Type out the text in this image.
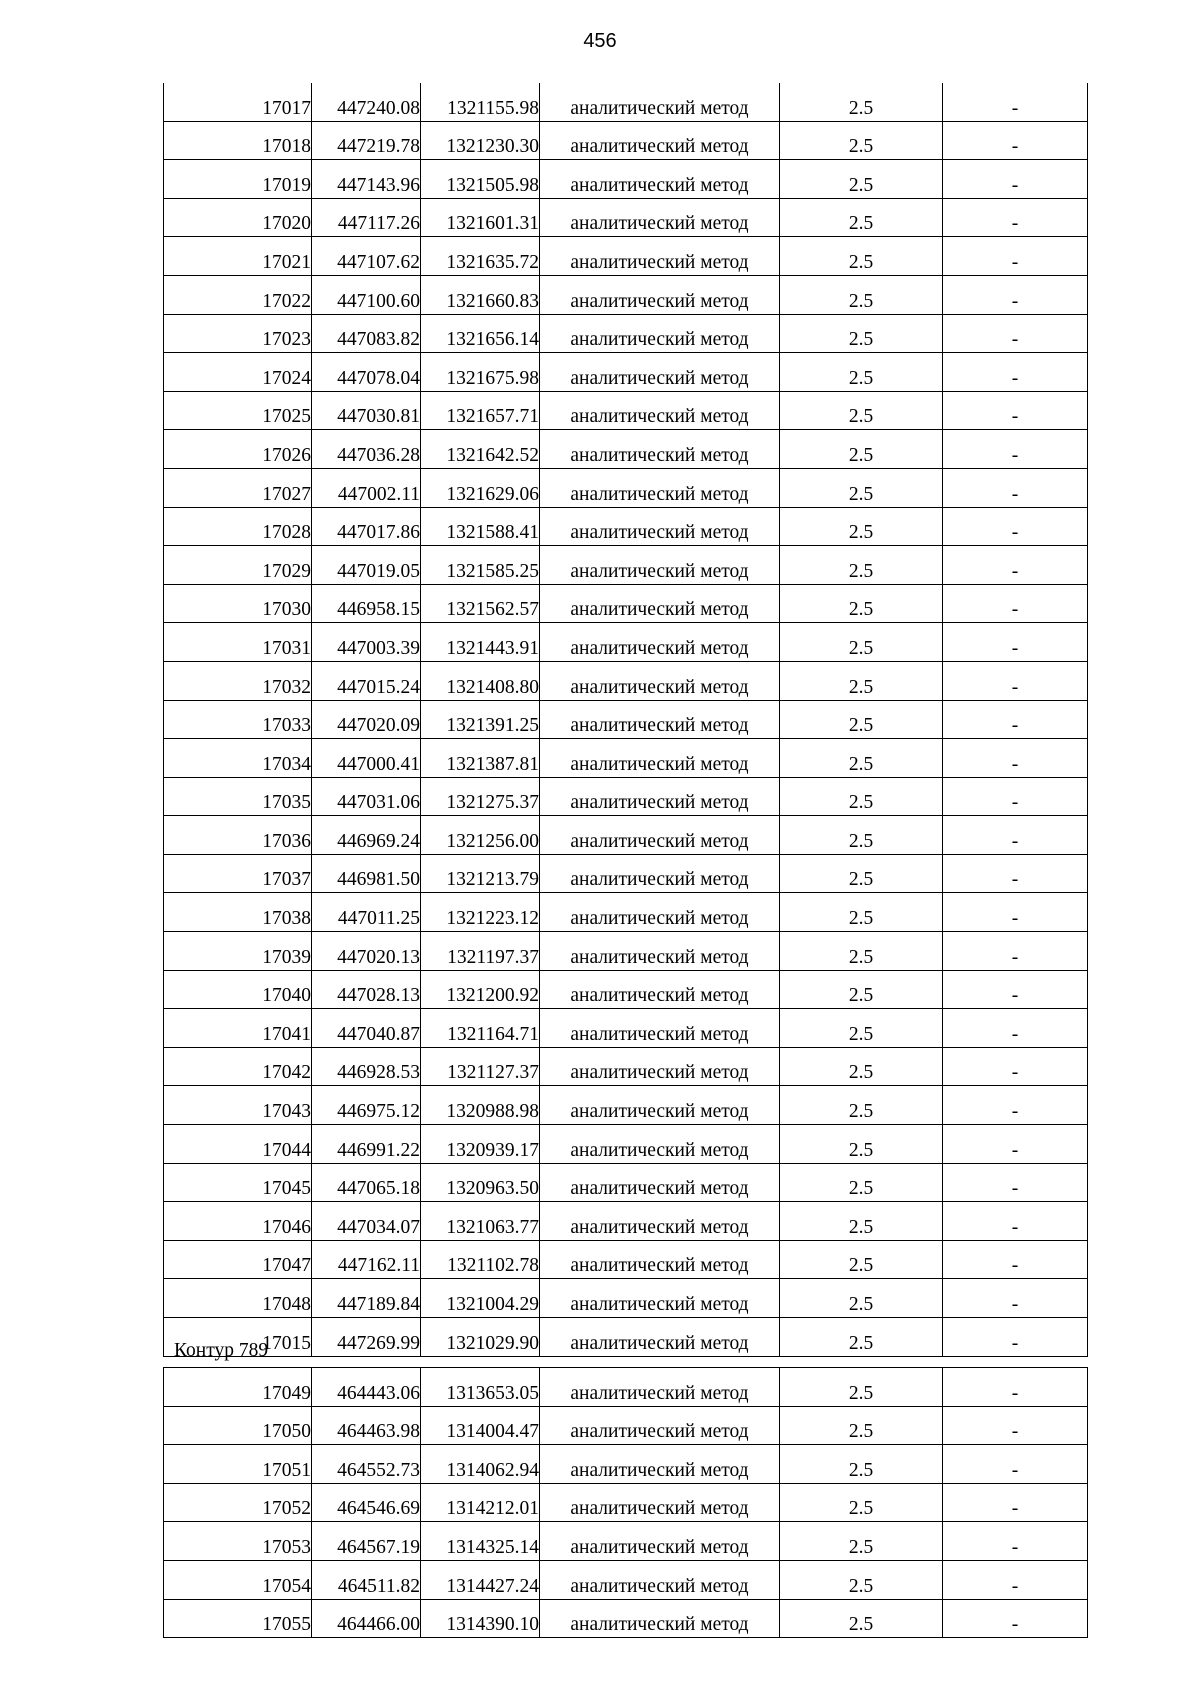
456
17017	447240.08	1321155.98	аналитический метод	2.5	-
17018	447219.78	1321230.30	аналитический метод	2.5	-
17019	447143.96	1321505.98	аналитический метод	2.5	-
17020	447117.26	1321601.31	аналитический метод	2.5	-
17021	447107.62	1321635.72	аналитический метод	2.5	-
17022	447100.60	1321660.83	аналитический метод	2.5	-
17023	447083.82	1321656.14	аналитический метод	2.5	-
17024	447078.04	1321675.98	аналитический метод	2.5	-
17025	447030.81	1321657.71	аналитический метод	2.5	-
17026	447036.28	1321642.52	аналитический метод	2.5	-
17027	447002.11	1321629.06	аналитический метод	2.5	-
17028	447017.86	1321588.41	аналитический метод	2.5	-
17029	447019.05	1321585.25	аналитический метод	2.5	-
17030	446958.15	1321562.57	аналитический метод	2.5	-
17031	447003.39	1321443.91	аналитический метод	2.5	-
17032	447015.24	1321408.80	аналитический метод	2.5	-
17033	447020.09	1321391.25	аналитический метод	2.5	-
17034	447000.41	1321387.81	аналитический метод	2.5	-
17035	447031.06	1321275.37	аналитический метод	2.5	-
17036	446969.24	1321256.00	аналитический метод	2.5	-
17037	446981.50	1321213.79	аналитический метод	2.5	-
17038	447011.25	1321223.12	аналитический метод	2.5	-
17039	447020.13	1321197.37	аналитический метод	2.5	-
17040	447028.13	1321200.92	аналитический метод	2.5	-
17041	447040.87	1321164.71	аналитический метод	2.5	-
17042	446928.53	1321127.37	аналитический метод	2.5	-
17043	446975.12	1320988.98	аналитический метод	2.5	-
17044	446991.22	1320939.17	аналитический метод	2.5	-
17045	447065.18	1320963.50	аналитический метод	2.5	-
17046	447034.07	1321063.77	аналитический метод	2.5	-
17047	447162.11	1321102.78	аналитический метод	2.5	-
17048	447189.84	1321004.29	аналитический метод	2.5	-
17015	447269.99	1321029.90	аналитический метод	2.5	-
Контур 789
17049	464443.06	1313653.05	аналитический метод	2.5	-
17050	464463.98	1314004.47	аналитический метод	2.5	-
17051	464552.73	1314062.94	аналитический метод	2.5	-
17052	464546.69	1314212.01	аналитический метод	2.5	-
17053	464567.19	1314325.14	аналитический метод	2.5	-
17054	464511.82	1314427.24	аналитический метод	2.5	-
17055	464466.00	1314390.10	аналитический метод	2.5	-
